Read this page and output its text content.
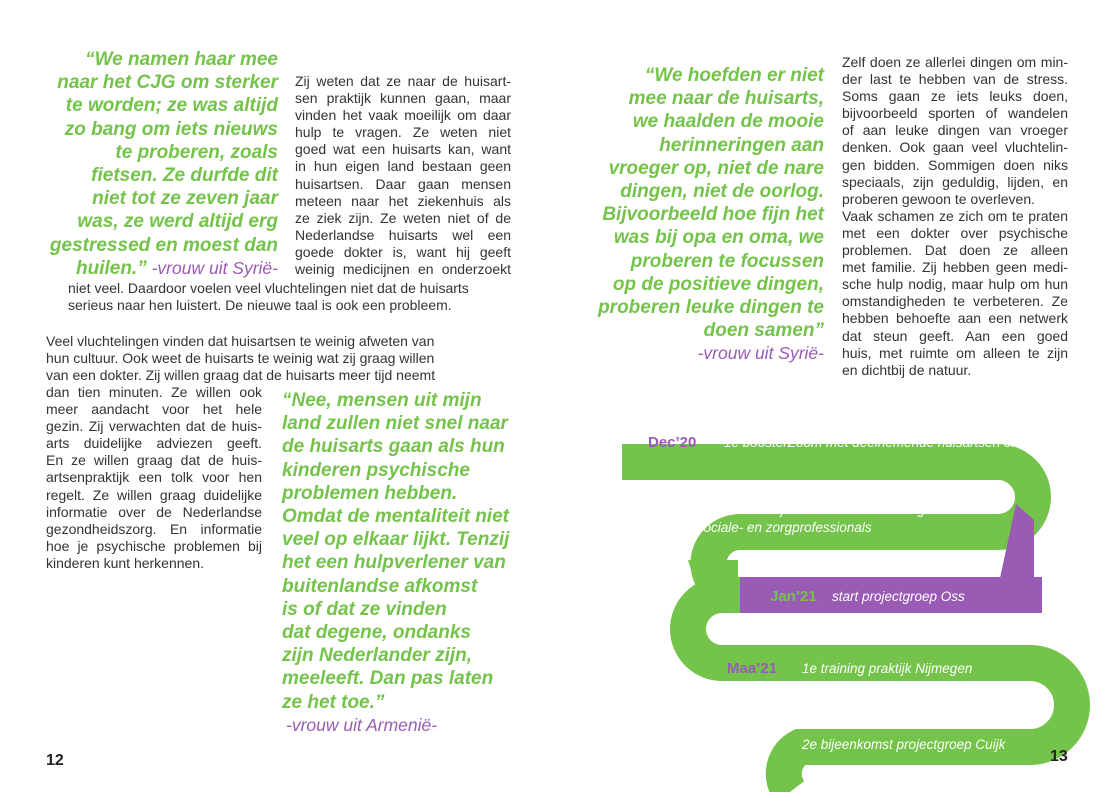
“We namen haar mee
naar het CJG om sterker
te worden; ze was altijd
zo bang om iets nieuws
te proberen, zoals
fietsen. Ze durfde dit
niet tot ze zeven jaar
was, ze werd altijd erg
gestressed en moest dan
huilen.” -vrouw uit Syrië-
Zij weten dat ze naar de huisart-
sen praktijk kunnen gaan, maar
vinden het vaak moeilijk om daar
hulp te vragen. Ze weten niet
goed wat een huisarts kan, want
in hun eigen land bestaan geen
huisartsen. Daar gaan mensen
meteen naar het ziekenhuis als
ze ziek zijn. Ze weten niet of de
Nederlandse huisarts wel een
goede dokter is, want hij geeft
weinig medicijnen en onderzoekt
niet veel. Daardoor voelen veel vluchtelingen niet dat de huisarts
serieus naar hen luistert. De nieuwe taal is ook een probleem.
Veel vluchtelingen vinden dat huisartsen te weinig afweten van
hun cultuur. Ook weet de huisarts te weinig wat zij graag willen
van een dokter. Zij willen graag dat de huisarts meer tijd neemt
dan tien minuten. Ze willen ook
meer aandacht voor het hele
gezin. Zij verwachten dat de huis-
arts duidelijke adviezen geeft.
En ze willen graag dat de huis-
artsenpraktijk een tolk voor hen
regelt. Ze willen graag duidelijke
informatie over de Nederlandse
gezondheidszorg. En informatie
hoe je psychische problemen bij
kinderen kunt herkennen.
“Nee, mensen uit mijn
land zullen niet snel naar
de huisarts gaan als hun
kinderen psychische
problemen hebben.
Omdat de mentaliteit niet
veel op elkaar lijkt. Tenzij
het een hulpverlener van
buitenlandse afkomst
is of dat ze vinden
dat degene, ondanks
zijn Nederlander zijn,
meeleeft. Dan pas laten
ze het toe.”
-vrouw uit Armenië-
12
“We hoefden er niet
mee naar de huisarts,
we haalden de mooie
herinneringen aan
vroeger op, niet de nare
dingen, niet de oorlog.
Bijvoorbeeld hoe fijn het
was bij opa en oma, we
proberen te focussen
op de positieve dingen,
proberen leuke dingen te
doen samen”
-vrouw uit Syrië-
Zelf doen ze allerlei dingen om min-
der last te hebben van de stress.
Soms gaan ze iets leuks doen,
bijvoorbeeld sporten of wandelen
of aan leuke dingen van vroeger
denken. Ook gaan veel vluchtelin-
gen bidden. Sommigen doen niks
speciaals, zijn geduldig, lijden, en
proberen gewoon te overleven.
Vaak schamen ze zich om te praten
met een dokter over psychische
problemen. Dat doen ze alleen
met familie. Zij hebben geen medi-
sche hulp nodig, maar hulp om hun
omstandigheden te verbeteren. Ze
hebben behoefte aan een netwerk
dat steun geeft. Aan een goed
huis, met ruimte om alleen te zijn
en dichtbij de natuur.
Dec’20 1e boosterZoom met deelnemende huisartsen en POH’s
deelonderzoek bij Somalische vluchtelingen
en sociale- en zorgprofessionals
Jan’21 start projectgroep Oss
Maa’21 1e training praktijk Nijmegen
2e bijeenkomst projectgroep Cuijk
13
